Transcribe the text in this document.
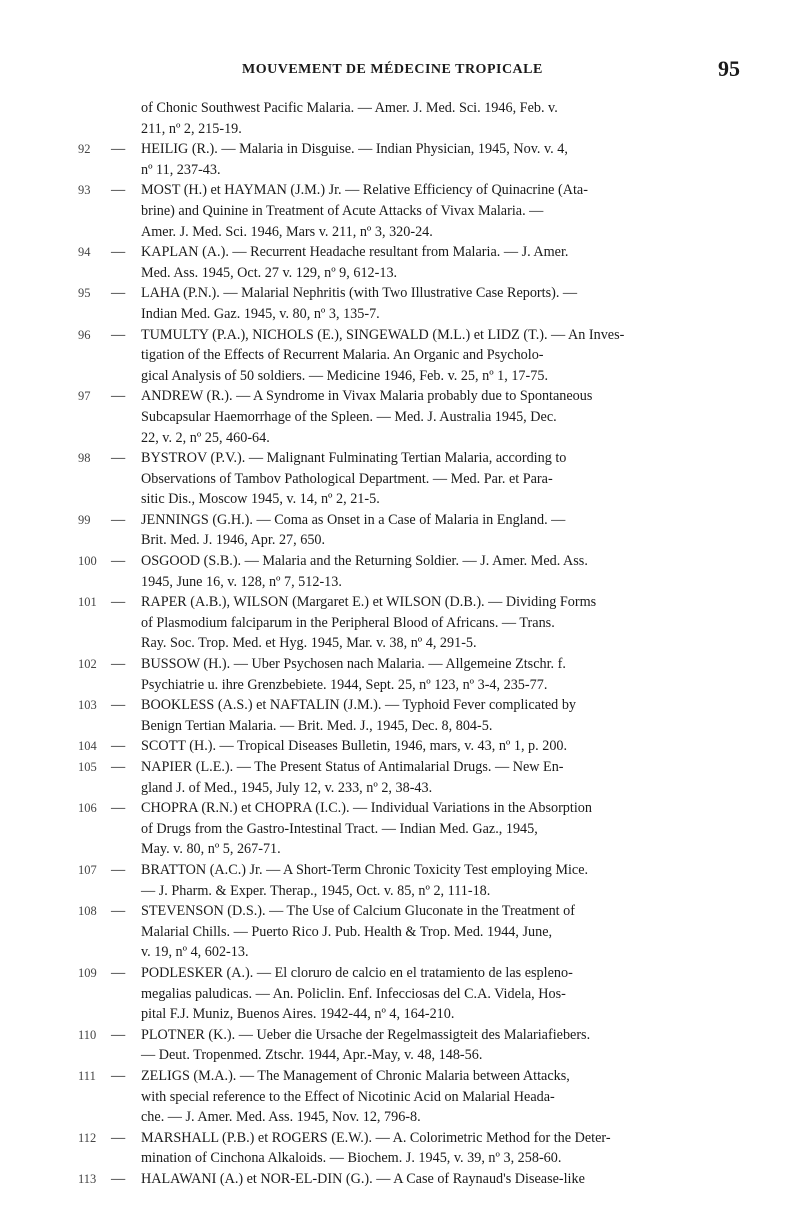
MOUVEMENT DE MÉDECINE TROPICALE	95
of Chonic Southwest Pacific Malaria. — Amer. J. Med. Sci. 1946, Feb. v.
211, nº 2, 215-19.
92	— HEILIG (R.). — Malaria in Disguise. — Indian Physician, 1945, Nov. v. 4,
nº 11, 237-43.
93	— MOST (H.) et HAYMAN (J.M.) Jr. — Relative Efficiency of Quinacrine (Ata-
brine) and Quinine in Treatment of Acute Attacks of Vivax Malaria. —
Amer. J. Med. Sci. 1946, Mars v. 211, nº 3, 320-24.
94	— KAPLAN (A.). — Recurrent Headache resultant from Malaria. — J. Amer.
Med. Ass. 1945, Oct. 27 v. 129, nº 9, 612-13.
95	— LAHA (P.N.). — Malarial Nephritis (with Two Illustrative Case Reports). —
Indian Med. Gaz. 1945, v. 80, nº 3, 135-7.
96	— TUMULTY (P.A.), NICHOLS (E.), SINGEWALD (M.L.) et LIDZ (T.). — An Inves-
tigation of the Effects of Recurrent Malaria. An Organic and Psycholo-
gical Analysis of 50 soldiers. — Medicine 1946, Feb. v. 25, nº 1, 17-75.
97	— ANDREW (R.). — A Syndrome in Vivax Malaria probably due to Spontaneous
Subcapsular Haemorrhage of the Spleen. — Med. J. Australia 1945, Dec.
22, v. 2, nº 25, 460-64.
98	— BYSTROV (P.V.). — Malignant Fulminating Tertian Malaria, according to
Observations of Tambov Pathological Department. — Med. Par. et Para-
sitic Dis., Moscow 1945, v. 14, nº 2, 21-5.
99	— JENNINGS (G.H.). — Coma as Onset in a Case of Malaria in England. —
Brit. Med. J. 1946, Apr. 27, 650.
100	— OSGOOD (S.B.). — Malaria and the Returning Soldier. — J. Amer. Med. Ass.
1945, June 16, v. 128, nº 7, 512-13.
101	— RAPER (A.B.), WILSON (Margaret E.) et WILSON (D.B.). — Dividing Forms
of Plasmodium falciparum in the Peripheral Blood of Africans. — Trans.
Ray. Soc. Trop. Med. et Hyg. 1945, Mar. v. 38, nº 4, 291-5.
102	— BUSSOW (H.). — Uber Psychosen nach Malaria. — Allgemeine Ztschr. f.
Psychiatrie u. ihre Grenzbebiete. 1944, Sept. 25, nº 123, nº 3-4, 235-77.
103	— BOOKLESS (A.S.) et NAFTALIN (J.M.). — Typhoid Fever complicated by
Benign Tertian Malaria. — Brit. Med. J., 1945, Dec. 8, 804-5.
104	— SCOTT (H.). — Tropical Diseases Bulletin, 1946, mars, v. 43, nº 1, p. 200.
105	— NAPIER (L.E.). — The Present Status of Antimalarial Drugs. — New En-
gland J. of Med., 1945, July 12, v. 233, nº 2, 38-43.
106	— CHOPRA (R.N.) et CHOPRA (I.C.). — Individual Variations in the Absorption
of Drugs from the Gastro-Intestinal Tract. — Indian Med. Gaz., 1945,
May. v. 80, nº 5, 267-71.
107	— BRATTON (A.C.) Jr. — A Short-Term Chronic Toxicity Test employing Mice.
— J. Pharm. & Exper. Therap., 1945, Oct. v. 85, nº 2, 111-18.
108	— STEVENSON (D.S.). — The Use of Calcium Gluconate in the Treatment of
Malarial Chills. — Puerto Rico J. Pub. Health & Trop. Med. 1944, June,
v. 19, nº 4, 602-13.
109	— PODLESKER (A.). — El cloruro de calcio en el tratamiento de las espleno-
megalias paludicas. — An. Policlin. Enf. Infecciosas del C.A. Videla, Hos-
pital F.J. Muniz, Buenos Aires. 1942-44, nº 4, 164-210.
110	— PLOTNER (K.). — Ueber die Ursache der Regelmassigteit des Malariafiebers.
— Deut. Tropenmed. Ztschr. 1944, Apr.-May, v. 48, 148-56.
111	— ZELIGS (M.A.). — The Management of Chronic Malaria between Attacks,
with special reference to the Effect of Nicotinic Acid on Malarial Heada-
che. — J. Amer. Med. Ass. 1945, Nov. 12, 796-8.
112	— MARSHALL (P.B.) et ROGERS (E.W.). — A. Colorimetric Method for the Deter-
mination of Cinchona Alkaloids. — Biochem. J. 1945, v. 39, nº 3, 258-60.
113	— HALAWANI (A.) et NOR-EL-DIN (G.). — A Case of Raynaud's Disease-like
